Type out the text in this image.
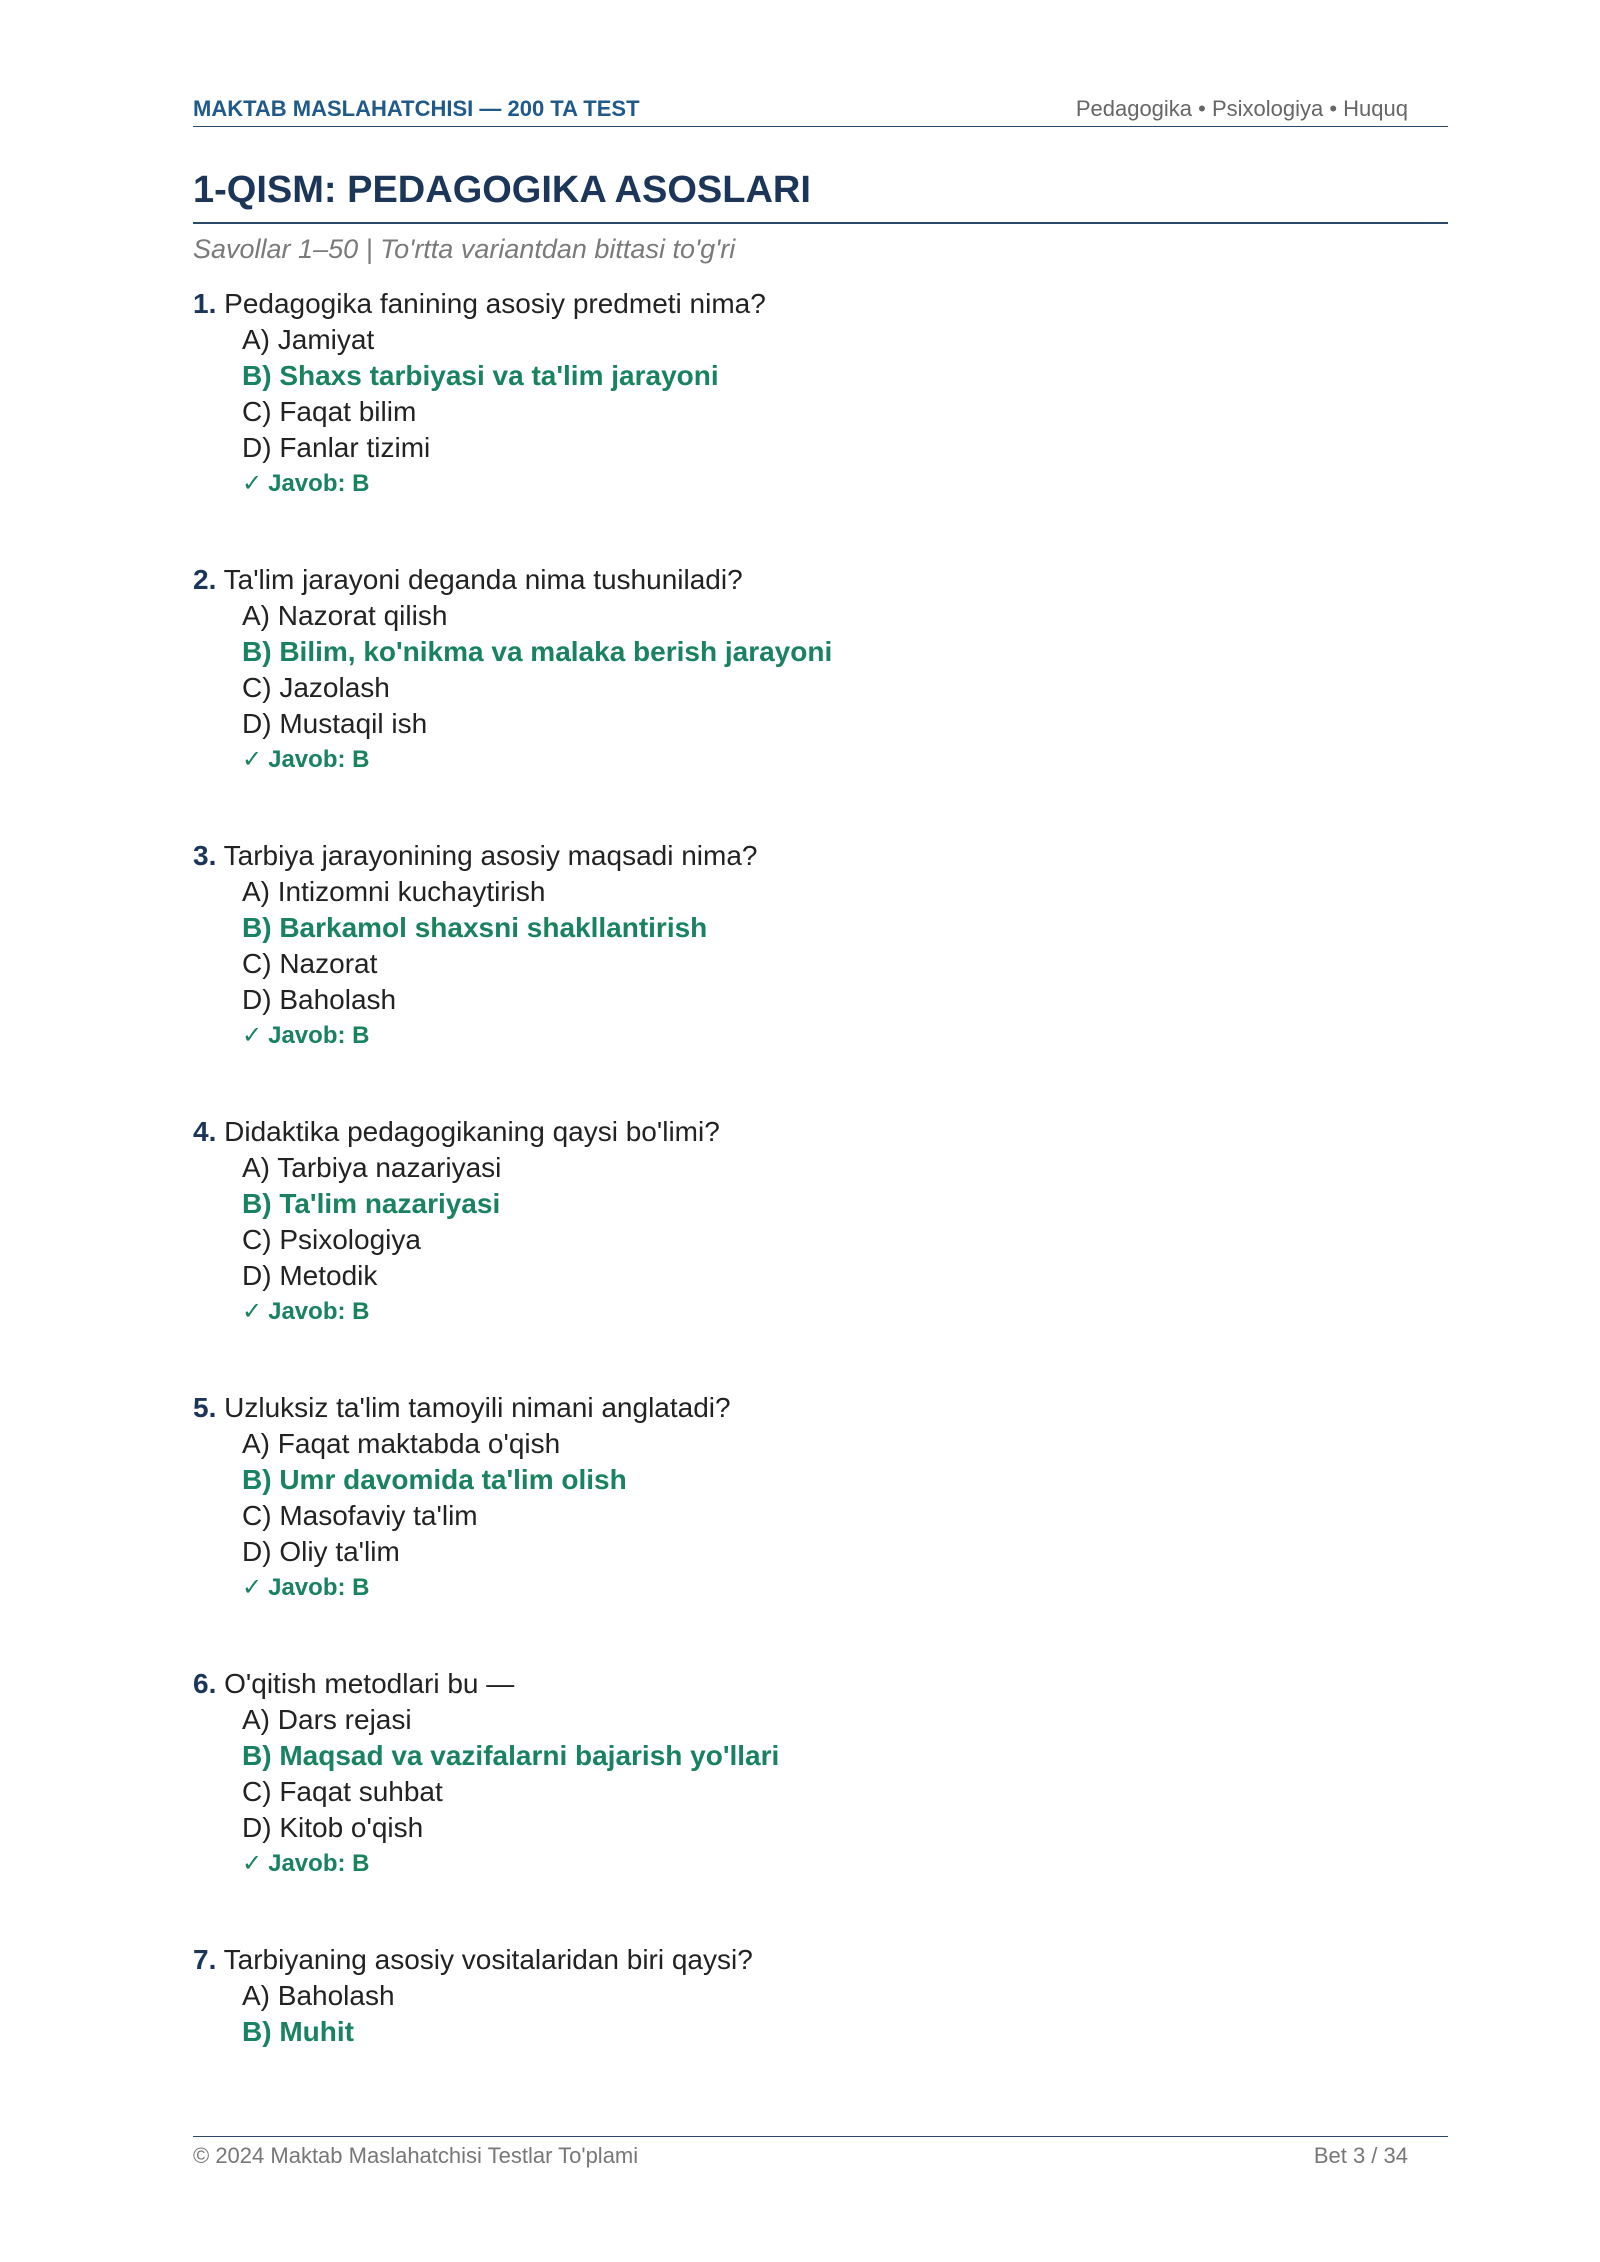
MAKTAB MASLAHATCHISI — 200 TA TEST	Pedagogika • Psixologiya • Huquq
1-QISM: PEDAGOGIKA ASOSLARI
Savollar 1–50 | To'rtta variantdan bittasi to'g'ri
1. Pedagogika fanining asosiy predmeti nima?
A) Jamiyat
B) Shaxs tarbiyasi va ta'lim jarayoni
C) Faqat bilim
D) Fanlar tizimi
✓ Javob: B
2. Ta'lim jarayoni deganda nima tushuniladi?
A) Nazorat qilish
B) Bilim, ko'nikma va malaka berish jarayoni
C) Jazolash
D) Mustaqil ish
✓ Javob: B
3. Tarbiya jarayonining asosiy maqsadi nima?
A) Intizomni kuchaytirish
B) Barkamol shaxsni shakllantirish
C) Nazorat
D) Baholash
✓ Javob: B
4. Didaktika pedagogikaning qaysi bo'limi?
A) Tarbiya nazariyasi
B) Ta'lim nazariyasi
C) Psixologiya
D) Metodik
✓ Javob: B
5. Uzluksiz ta'lim tamoyili nimani anglatadi?
A) Faqat maktabda o'qish
B) Umr davomida ta'lim olish
C) Masofaviy ta'lim
D) Oliy ta'lim
✓ Javob: B
6. O'qitish metodlari bu —
A) Dars rejasi
B) Maqsad va vazifalarni bajarish yo'llari
C) Faqat suhbat
D) Kitob o'qish
✓ Javob: B
7. Tarbiyaning asosiy vositalaridan biri qaysi?
A) Baholash
B) Muhit
© 2024 Maktab Maslahatchisi Testlar To'plami	Bet 3 / 34
